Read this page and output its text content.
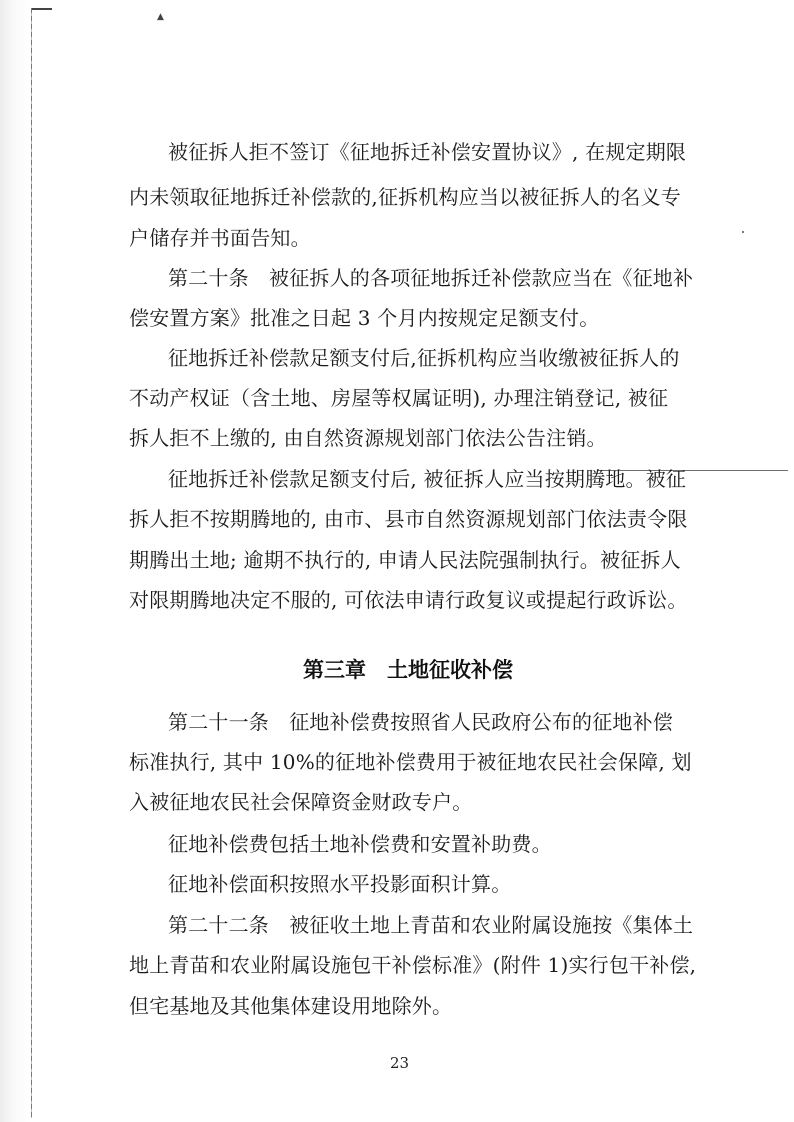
▲
被征拆人拒不签订《征地拆迁补偿安置协议》, 在规定期限
内未领取征地拆迁补偿款的,征拆机构应当以被征拆人的名义专
户储存并书面告知。
第二十条　被征拆人的各项征地拆迁补偿款应当在《征地补
偿安置方案》批准之日起 3 个月内按规定足额支付。
征地拆迁补偿款足额支付后,征拆机构应当收缴被征拆人的
不动产权证（含土地、房屋等权属证明), 办理注销登记, 被征
拆人拒不上缴的, 由自然资源规划部门依法公告注销。
征地拆迁补偿款足额支付后, 被征拆人应当按期腾地。被征
拆人拒不按期腾地的, 由市、县市自然资源规划部门依法责令限
期腾出土地; 逾期不执行的, 申请人民法院强制执行。被征拆人
对限期腾地决定不服的, 可依法申请行政复议或提起行政诉讼。
第三章　土地征收补偿
第二十一条　征地补偿费按照省人民政府公布的征地补偿
标准执行, 其中 10%的征地补偿费用于被征地农民社会保障, 划
入被征地农民社会保障资金财政专户。
征地补偿费包括土地补偿费和安置补助费。
征地补偿面积按照水平投影面积计算。
第二十二条　被征收土地上青苗和农业附属设施按《集体土
地上青苗和农业附属设施包干补偿标准》(附件 1)实行包干补偿,
但宅基地及其他集体建设用地除外。
23
